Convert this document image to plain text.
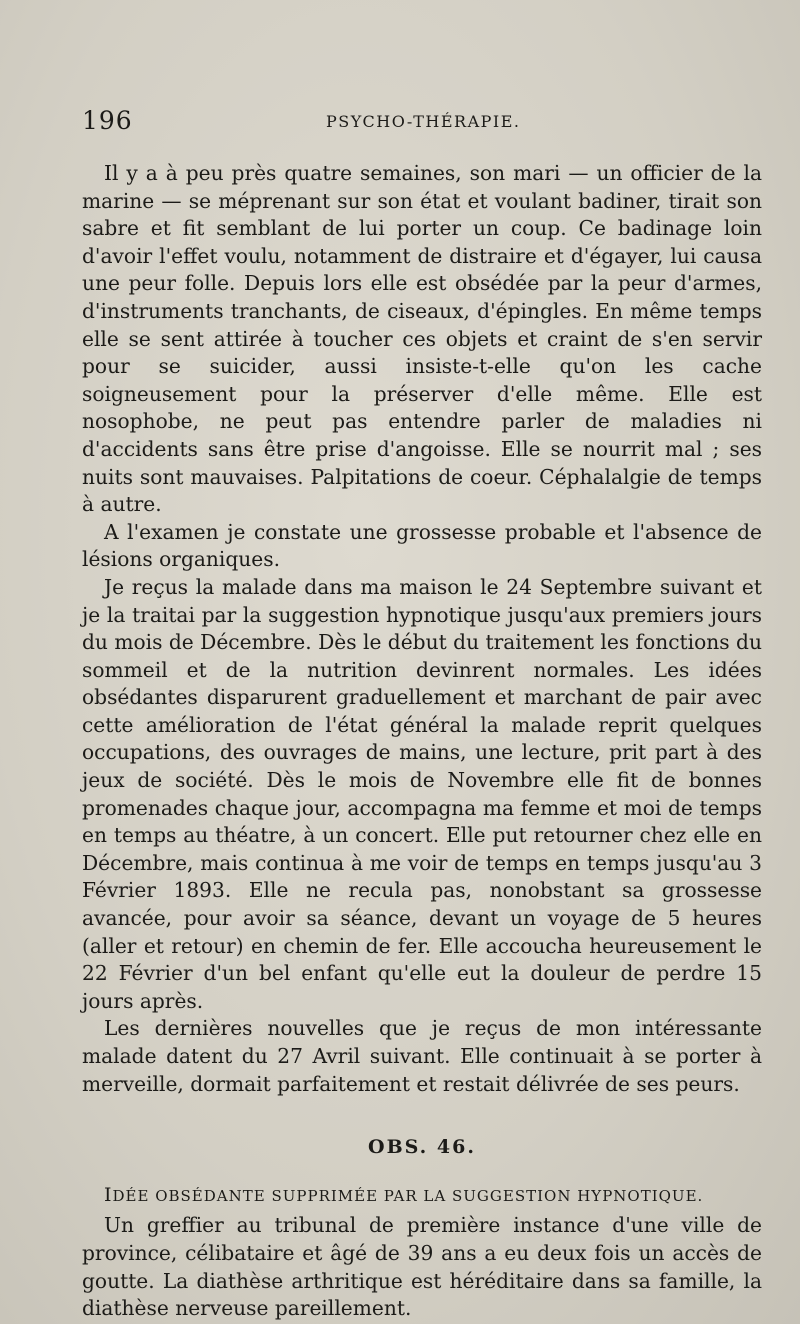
196	PSYCHO-THÉRAPIE.

Il y a à peu près quatre semaines, son mari — un officier de la marine — se méprenant sur son état et voulant badiner, tirait son sabre et fit semblant de lui porter un coup. Ce badinage loin d'avoir l'effet voulu, notamment de distraire et d'égayer, lui causa une peur folle. Depuis lors elle est obsédée par la peur d'armes, d'instruments tranchants, de ciseaux, d'épingles. En même temps elle se sent attirée à toucher ces objets et craint de s'en servir pour se suicider, aussi insiste-t-elle qu'on les cache soigneusement pour la préserver d'elle même. Elle est nosophobe, ne peut pas entendre parler de maladies ni d'accidents sans être prise d'angoisse. Elle se nourrit mal ; ses nuits sont mauvaises. Palpitations de coeur. Céphalalgie de temps à autre.

A l'examen je constate une grossesse probable et l'absence de lésions organiques.

Je reçus la malade dans ma maison le 24 Septembre suivant et je la traitai par la suggestion hypnotique jusqu'aux premiers jours du mois de Décembre. Dès le début du traitement les fonctions du sommeil et de la nutrition devinrent normales. Les idées obsédantes disparurent graduellement et marchant de pair avec cette amélioration de l'état général la malade reprit quelques occupations, des ouvrages de mains, une lecture, prit part à des jeux de société. Dès le mois de Novembre elle fit de bonnes promenades chaque jour, accompagna ma femme et moi de temps en temps au théatre, à un concert. Elle put retourner chez elle en Décembre, mais continua à me voir de temps en temps jusqu'au 3 Février 1893. Elle ne recula pas, nonobstant sa grossesse avancée, pour avoir sa séance, devant un voyage de 5 heures (aller et retour) en chemin de fer. Elle accoucha heureusement le 22 Février d'un bel enfant qu'elle eut la douleur de perdre 15 jours après.

Les dernières nouvelles que je reçus de mon intéressante malade datent du 27 Avril suivant. Elle continuait à se porter à merveille, dormait parfaitement et restait délivrée de ses peurs.

OBS. 46.
IDÉE OBSÉDANTE SUPPRIMÉE PAR LA SUGGESTION HYPNOTIQUE.

Un greffier au tribunal de première instance d'une ville de province, célibataire et âgé de 39 ans a eu deux fois un accès de goutte. La diathèse arthritique est héréditaire dans sa famille, la diathèse nerveuse pareillement.
